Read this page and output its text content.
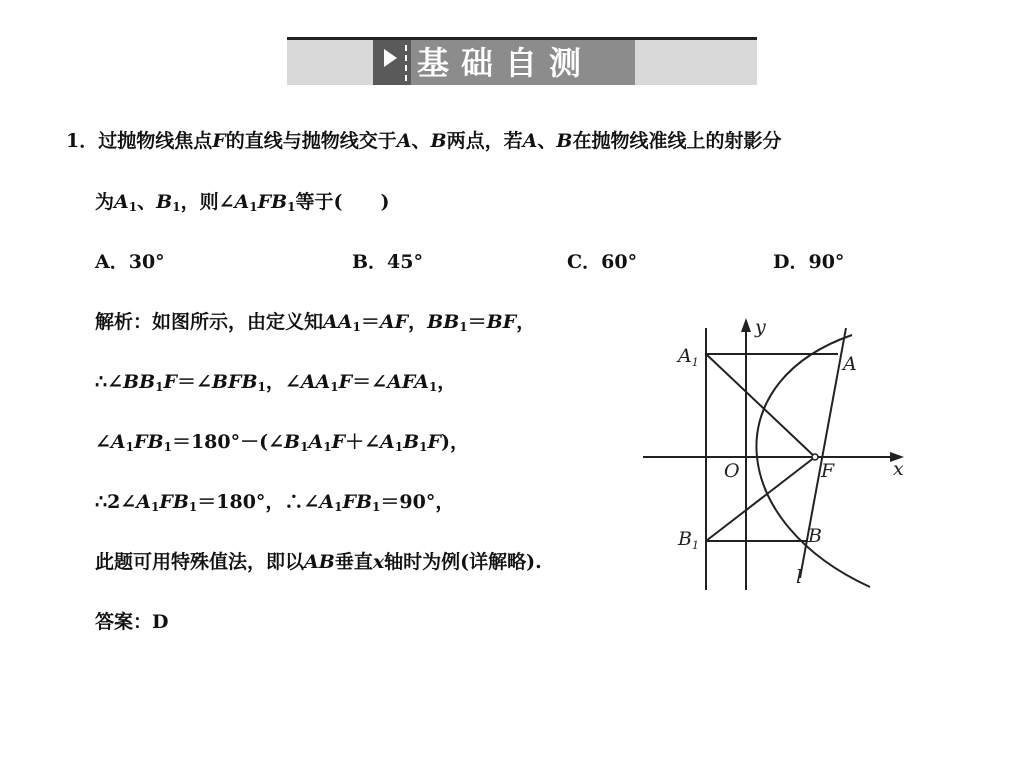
基础自测
1．过抛物线焦点F的直线与抛物线交于A、B两点，若A、B在抛物线准线上的射影分
为$A_1$、$B_1$，则$\angle A_1FB_1$等于(　　)
A．30°	B．45°	C．60°	D．90°
解析：如图所示，由定义知$AA_1=AF$，$BB_1=BF$，
$\therefore\angle BB_1F=\angle BFB_1$，$\angle AA_1F=\angle AFA_1$，
$\angle A_1FB_1=180^\circ-(\angle B_1A_1F+\angle A_1B_1F)$，
$\therefore 2\angle A_1FB_1=180^\circ$，$\therefore\angle A_1FB_1=90^\circ$，
此题可用特殊值法，即以AB垂直x轴时为例(详解略).
答案：D
$A_1$	A
$B_1$	B
O	F	x
y
l
